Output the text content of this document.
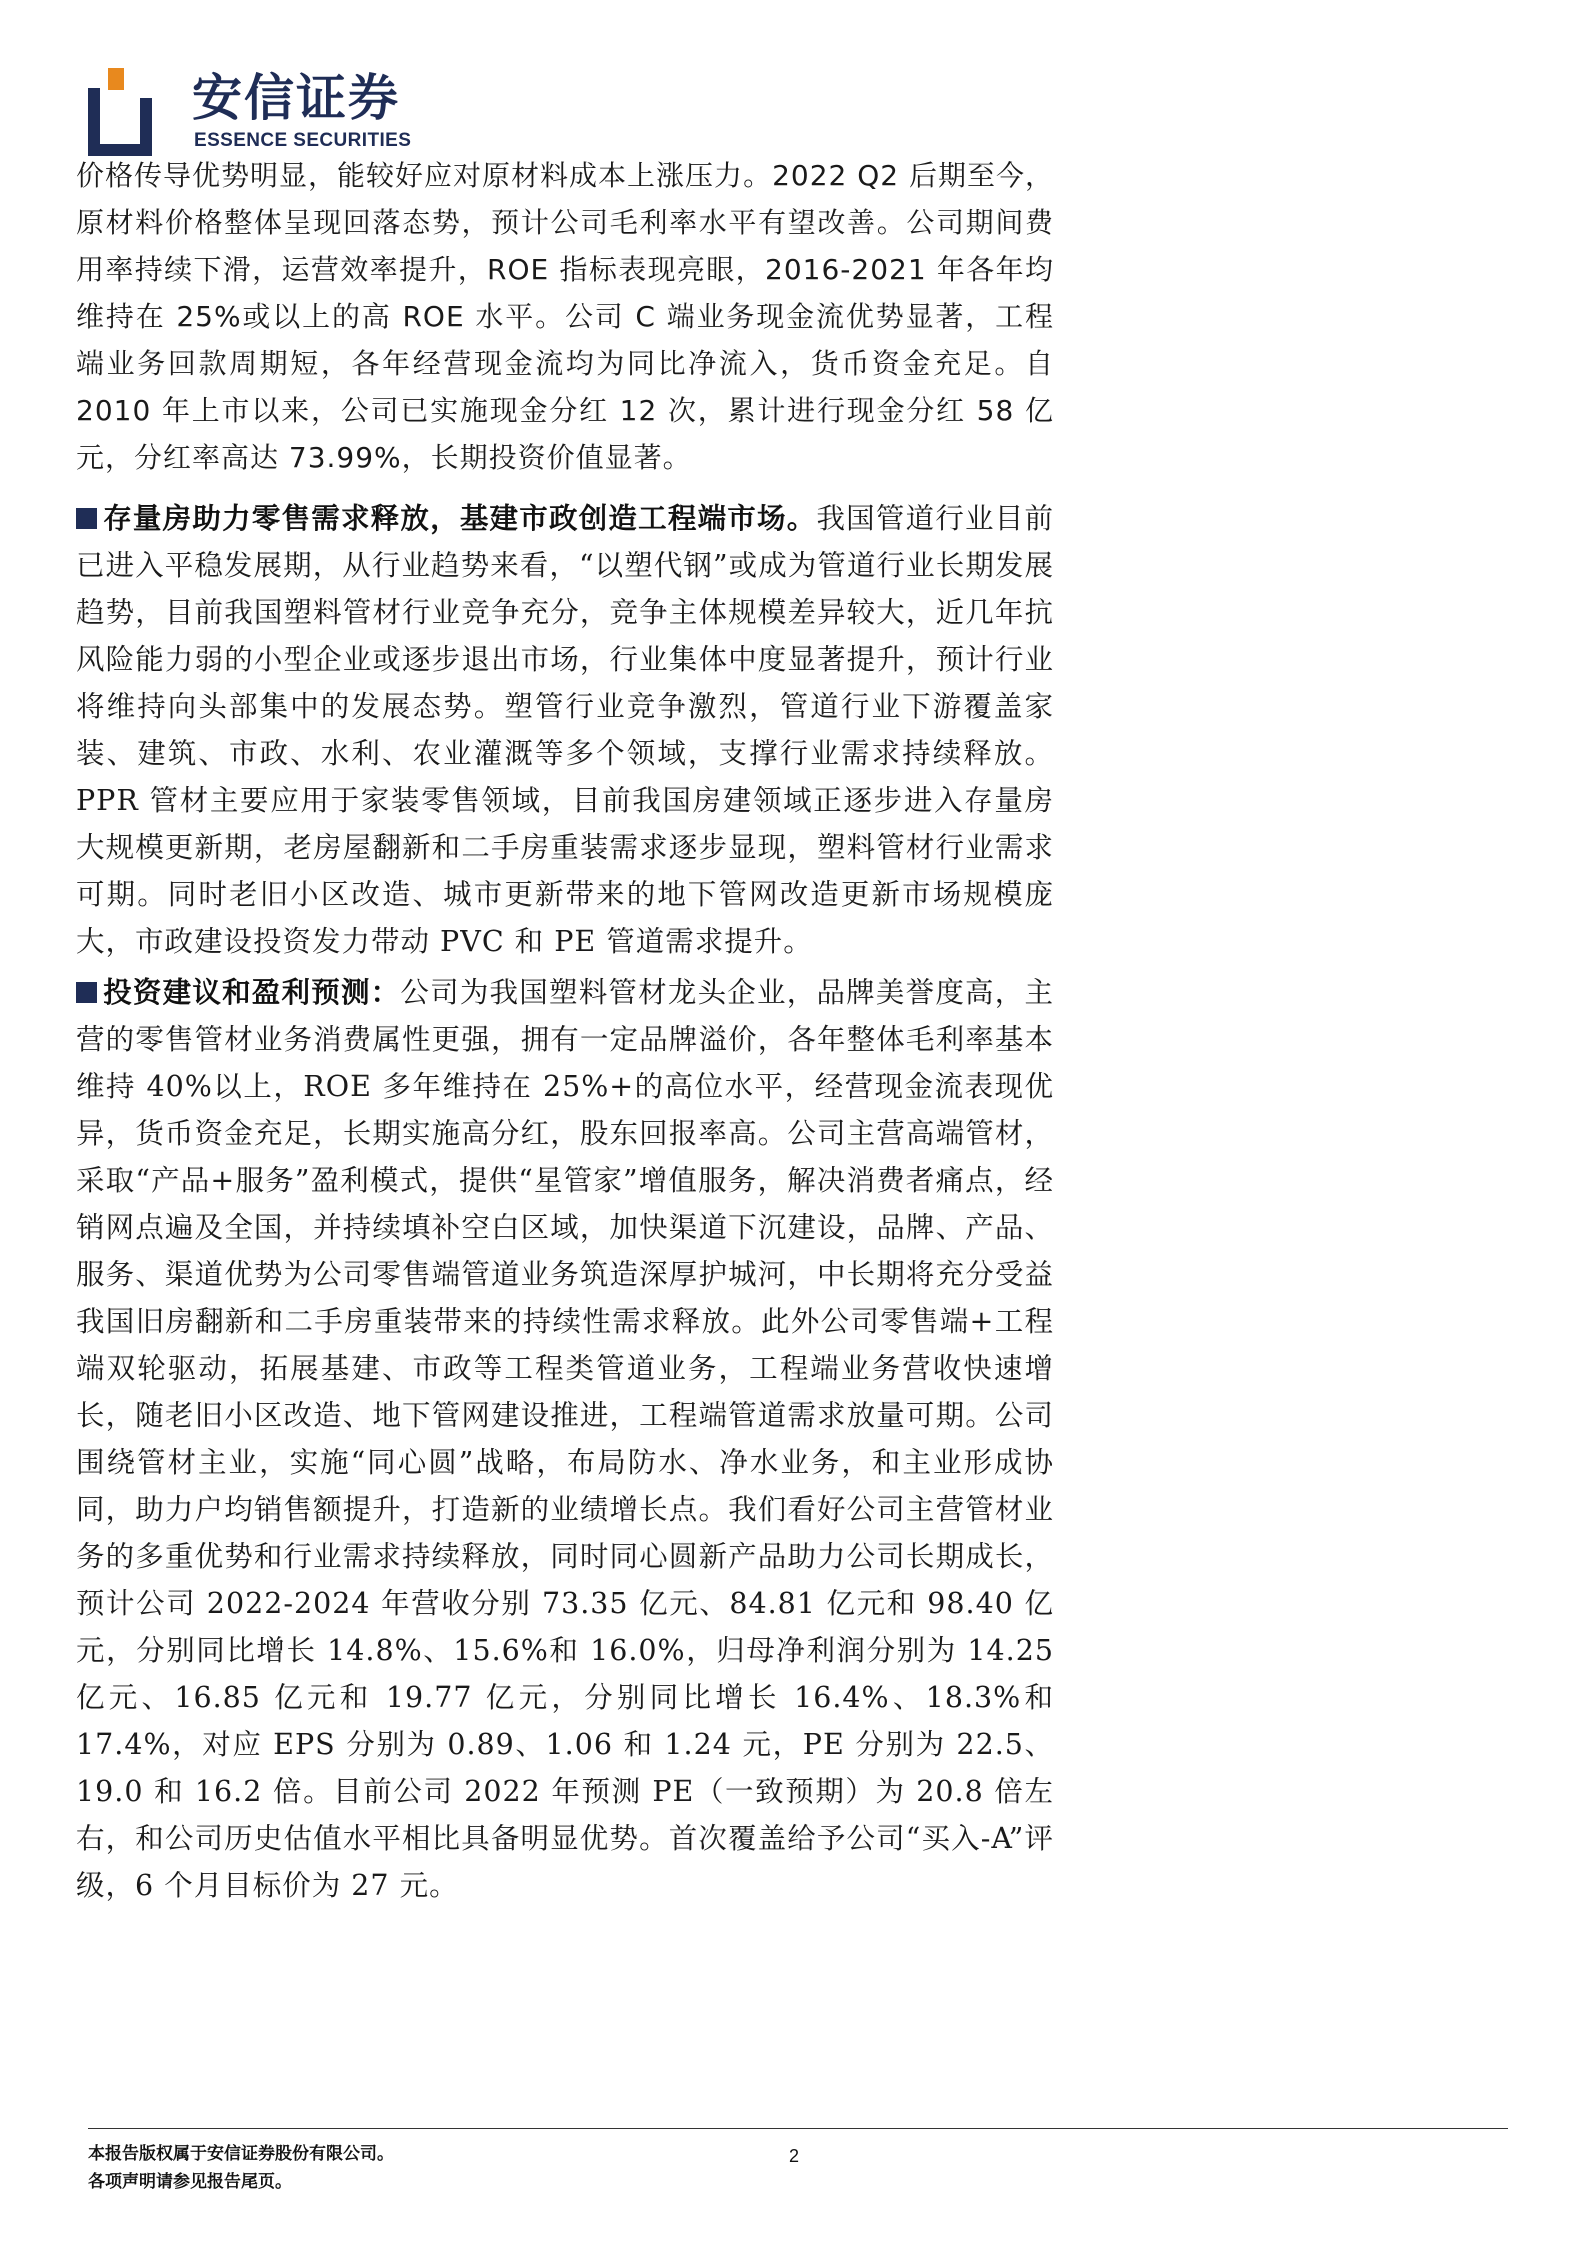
安信证券
ESSENCE SECURITIES

价格传导优势明显，能较好应对原材料成本上涨压力。2022 Q2 后期至今，原材料价格整体呈现回落态势，预计公司毛利率水平有望改善。公司期间费用率持续下滑，运营效率提升，ROE 指标表现亮眼，2016-2021 年各年均维持在 25%或以上的高 ROE 水平。公司 C 端业务现金流优势显著，工程端业务回款周期短，各年经营现金流均为同比净流入，货币资金充足。自 2010 年上市以来，公司已实施现金分红 12 次，累计进行现金分红 58 亿元，分红率高达 73.99%，长期投资价值显著。

存量房助力零售需求释放，基建市政创造工程端市场。我国管道行业目前已进入平稳发展期，从行业趋势来看，“以塑代钢”或成为管道行业长期发展趋势，目前我国塑料管材行业竞争充分，竞争主体规模差异较大，近几年抗风险能力弱的小型企业或逐步退出市场，行业集体中度显著提升，预计行业将维持向头部集中的发展态势。塑管行业竞争激烈，管道行业下游覆盖家装、建筑、市政、水利、农业灌溉等多个领域，支撑行业需求持续释放。PPR 管材主要应用于家装零售领域，目前我国房建领域正逐步进入存量房大规模更新期，老房屋翻新和二手房重装需求逐步显现，塑料管材行业需求可期。同时老旧小区改造、城市更新带来的地下管网改造更新市场规模庞大，市政建设投资发力带动 PVC 和 PE 管道需求提升。

投资建议和盈利预测：公司为我国塑料管材龙头企业，品牌美誉度高，主营的零售管材业务消费属性更强，拥有一定品牌溢价，各年整体毛利率基本维持 40%以上，ROE 多年维持在 25%+的高位水平，经营现金流表现优异，货币资金充足，长期实施高分红，股东回报率高。公司主营高端管材，采取“产品+服务”盈利模式，提供“星管家”增值服务，解决消费者痛点，经销网点遍及全国，并持续填补空白区域，加快渠道下沉建设，品牌、产品、服务、渠道优势为公司零售端管道业务筑造深厚护城河，中长期将充分受益我国旧房翻新和二手房重装带来的持续性需求释放。此外公司零售端+工程端双轮驱动，拓展基建、市政等工程类管道业务，工程端业务营收快速增长，随老旧小区改造、地下管网建设推进，工程端管道需求放量可期。公司围绕管材主业，实施“同心圆”战略，布局防水、净水业务，和主业形成协同，助力户均销售额提升，打造新的业绩增长点。我们看好公司主营管材业务的多重优势和行业需求持续释放，同时同心圆新产品助力公司长期成长，预计公司 2022-2024 年营收分别 73.35 亿元、84.81 亿元和 98.40 亿元，分别同比增长 14.8%、15.6%和 16.0%，归母净利润分别为 14.25 亿元、16.85 亿元和 19.77 亿元，分别同比增长 16.4%、18.3%和 17.4%，对应 EPS 分别为 0.89、1.06 和 1.24 元，PE 分别为 22.5、19.0 和 16.2 倍。目前公司 2022 年预测 PE（一致预期）为 20.8 倍左右，和公司历史估值水平相比具备明显优势。首次覆盖给予公司“买入-A”评级，6 个月目标价为 27 元。

本报告版权属于安信证券股份有限公司。
各项声明请参见报告尾页。
2
